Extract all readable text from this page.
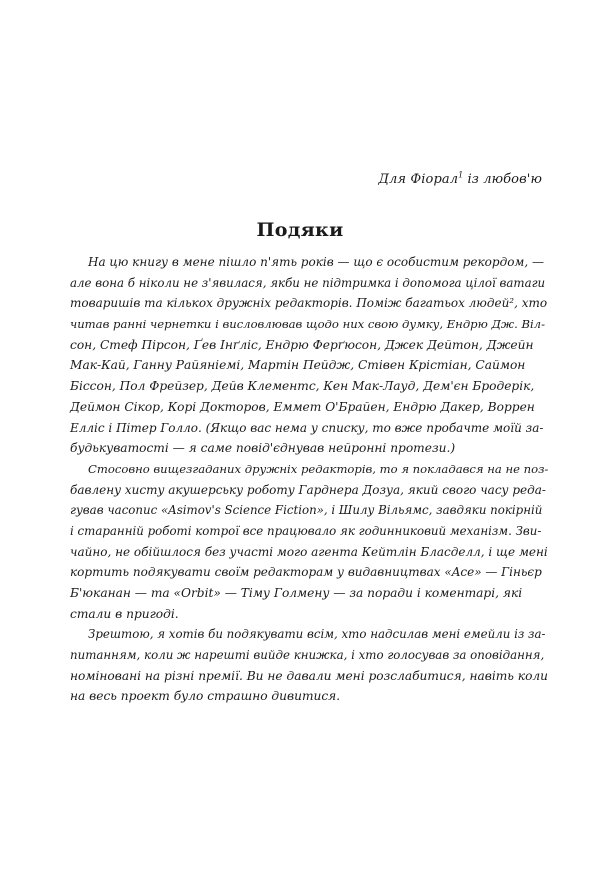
Для Фіорал$^1$ із любов'ю
Подяки
На цю книгу в мене пішло п'ять років — що є особистим рекордом, —
але вона б ніколи не з'явилася, якби не підтримка і допомога цілої ватаги
товаришів та кількох дружніх редакторів. Поміж багатьох людей², хто
читав ранні чернетки і висловлював щодо них свою думку, Ендрю Дж. Віл-
сон, Стеф Пірсон, Ґев Інґліс, Ендрю Ферґюсон, Джек Дейтон, Джейн
Мак-Кай, Ганну Райяніемі, Мартін Пейдж, Стівен Крістіан, Саймон
Біссон, Пол Фрейзер, Дейв Клементс, Кен Мак-Лауд, Дем'єн Бродерік,
Деймон Сікор, Корі Докторов, Еммет О'Брайен, Ендрю Дакер, Воррен
Елліс і Пітер Голло. (Якщо вас нема у списку, то вже пробачте моїй за-
будькуватості — я саме повід'єднував нейронні протези.)
Стосовно вищезгаданих дружніх редакторів, то я покладався на не поз-
бавлену хисту акушерську роботу Гарднера Дозуа, який свого часу реда-
гував часопис «Asimov's Science Fiction», і Шилу Вільямс, завдяки покірній
і старанній роботі котрої все працювало як годинниковий механізм. Зви-
чайно, не обійшлося без участі мого агента Кейтлін Бласделл, і ще мені
кортить подякувати своїм редакторам у видавництвах «Ace» — Гіньєр
Б'юканан — та «Orbit» — Тіму Голмену — за поради і коментарі, які
стали в пригоді.
Зрештою, я хотів би подякувати всім, хто надсилав мені емейли із за-
питанням, коли ж нарешті вийде книжка, і хто голосував за оповідання,
номіновані на різні премії. Ви не давали мені розслабитися, навіть коли
на весь проект було страшно дивитися.
